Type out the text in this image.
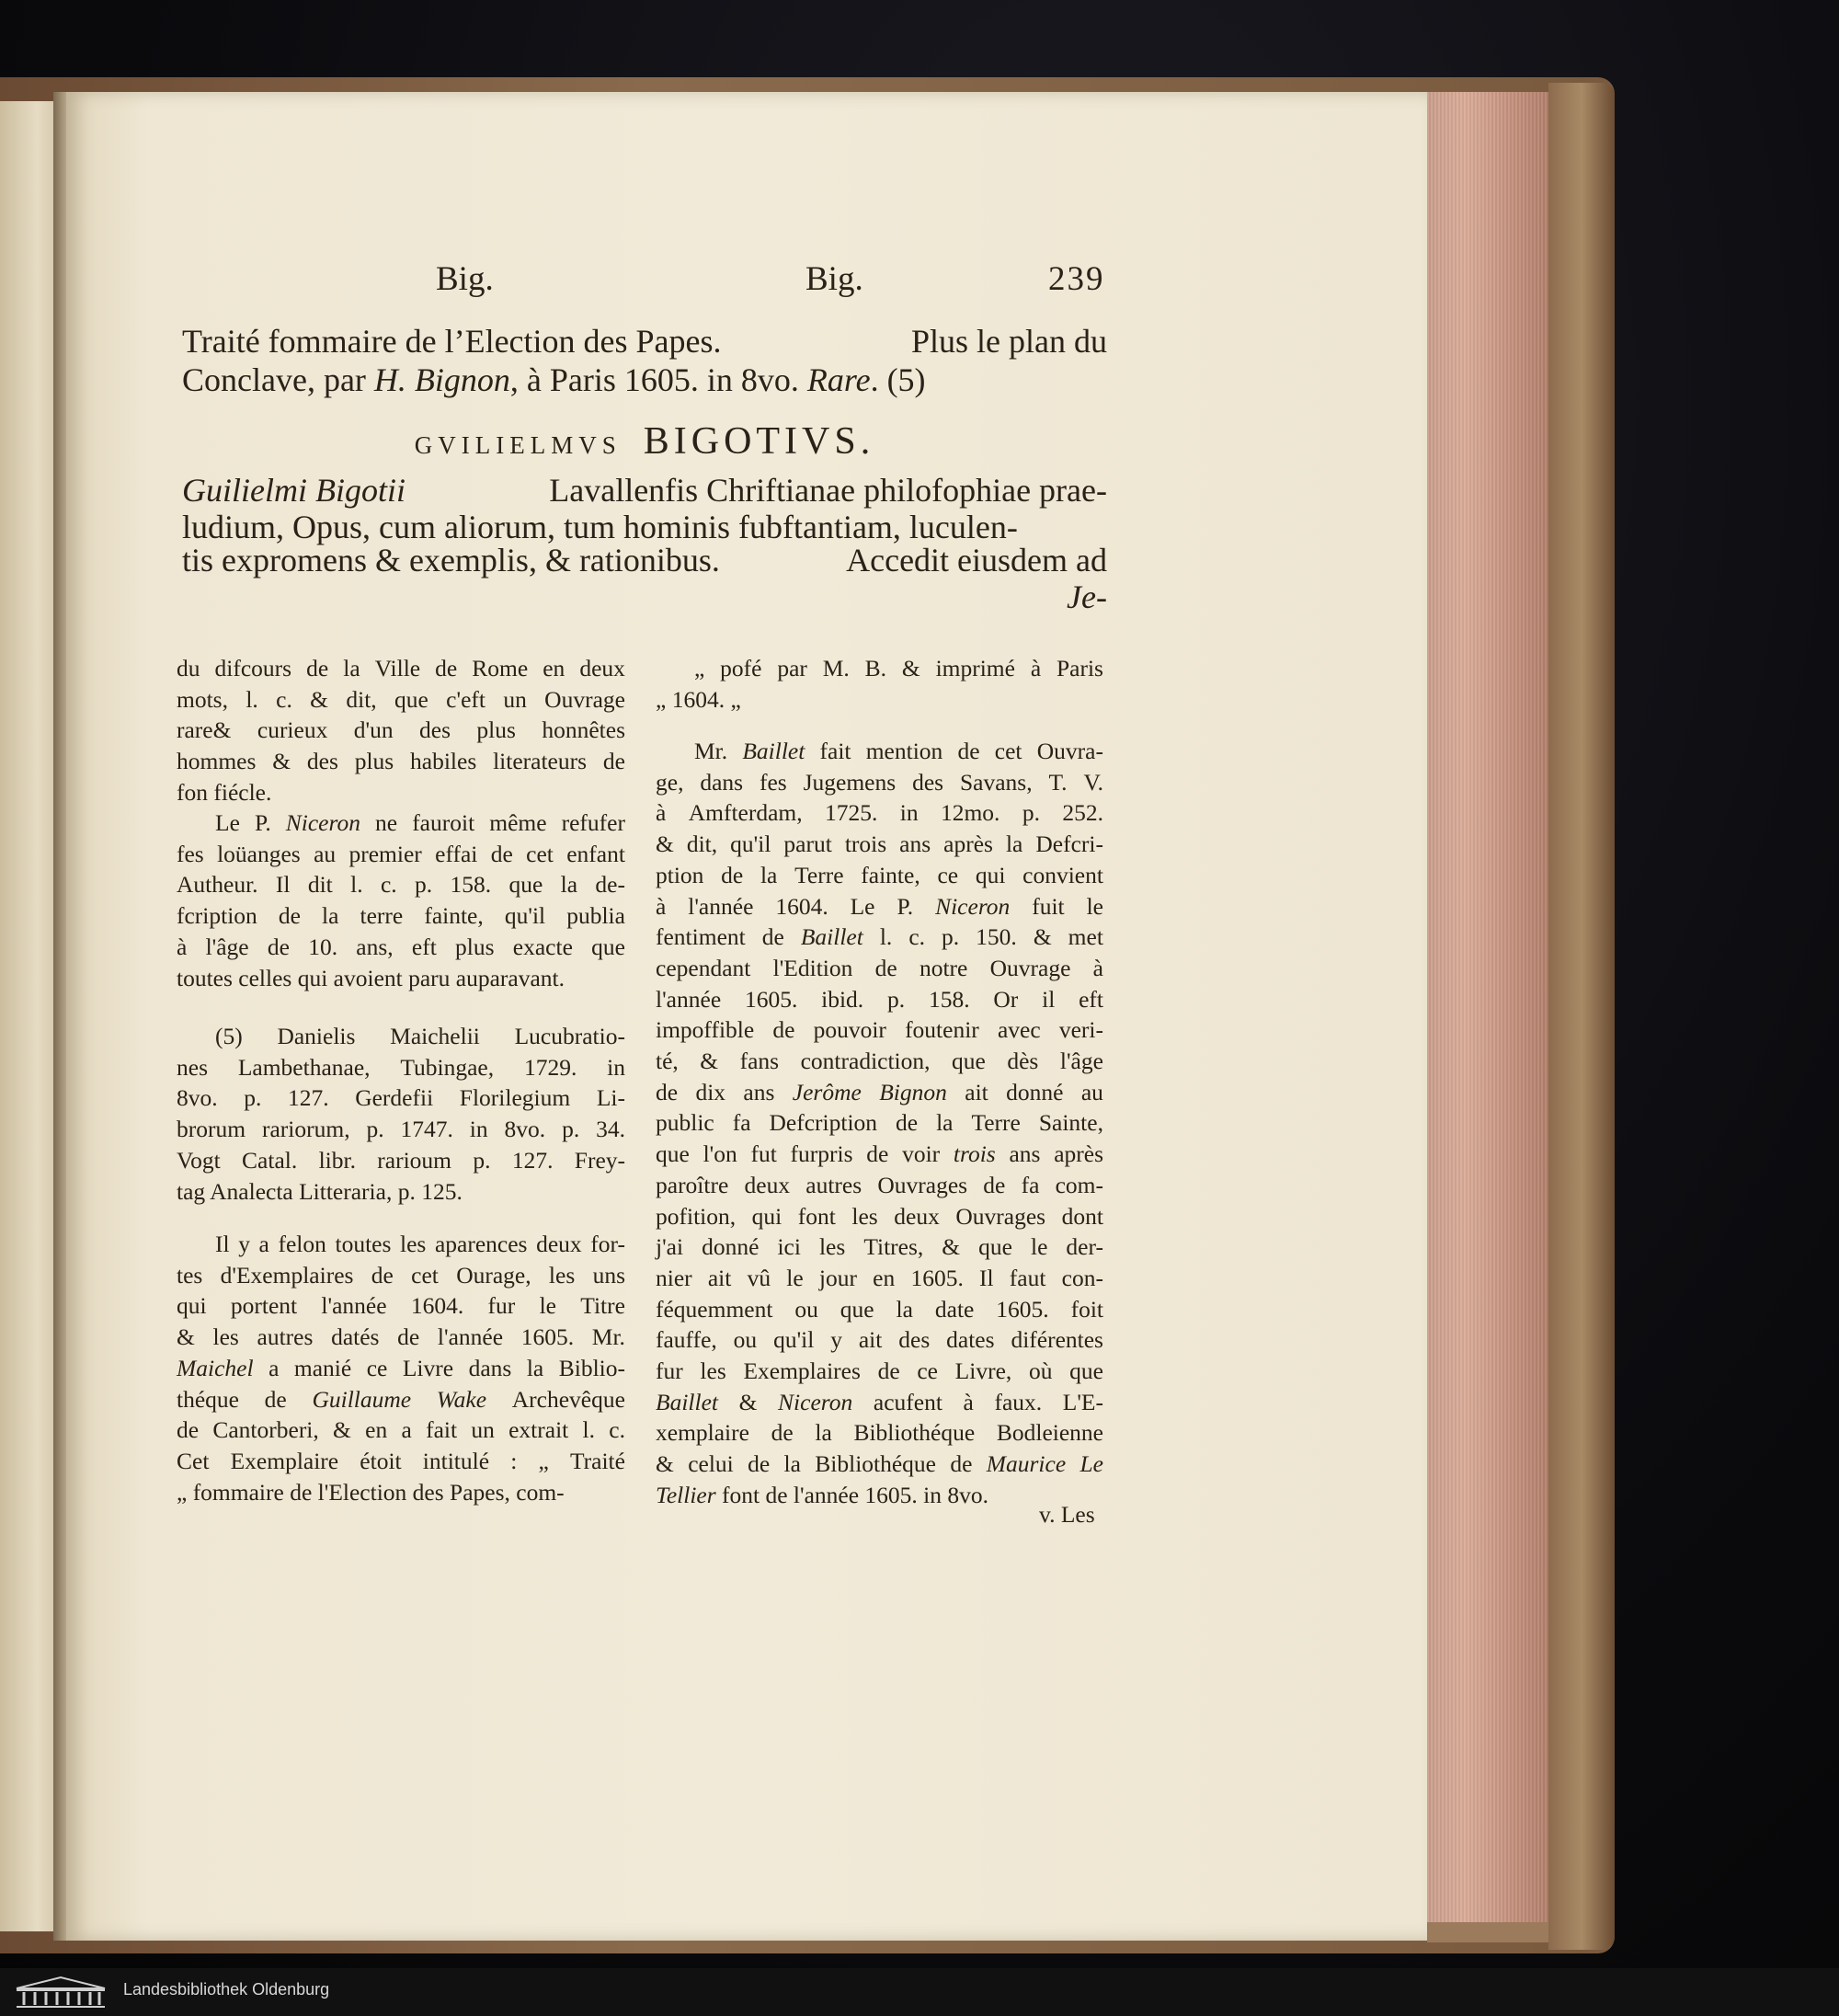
Big.	Big.	239
Traité fommaire de l’Election des Papes.	Plus le plan du
Conclave, par H. Bignon, à Paris 1605. in 8vo. Rare. (5)
GVILIELMVS BIGOTIVS.
Guilielmi Bigotii	Lavallenfis Chriftianae philofophiae prae-
ludium, Opus, cum aliorum, tum hominis fubftantiam, luculen-
tis expromens & exemplis, & rationibus.	Accedit eiusdem ad
Je-
du difcours de la Ville de Rome en deux
mots, l. c. & dit, que c'eft un Ouvrage
rare& curieux d'un des plus honnêtes
hommes & des plus habiles literateurs de
fon fiécle.
Le P. Niceron ne fauroit même refufer
fes loüanges au premier effai de cet enfant
Autheur. Il dit l. c. p. 158. que la de-
fcription de la terre fainte, qu'il publia
à l'âge de 10. ans, eft plus exacte que
toutes celles qui avoient paru auparavant.
(5) Danielis Maichelii Lucubratio-
nes Lambethanae, Tubingae, 1729. in
8vo. p. 127. Gerdefii Florilegium Li-
brorum rariorum, p. 1747. in 8vo. p. 34.
Vogt Catal. libr. rarioum p. 127. Frey-
tag Analecta Litteraria, p. 125.
Il y a felon toutes les aparences deux for-
tes d'Exemplaires de cet Ourage, les uns
qui portent l'année 1604. fur le Titre
& les autres datés de l'année 1605. Mr.
Maichel a manié ce Livre dans la Biblio-
théque de Guillaume Wake Archevêque
de Cantorberi, & en a fait un extrait l. c.
Cet Exemplaire étoit intitulé : „ Traité
„ fommaire de l'Election des Papes, com-
„ pofé par M. B. & imprimé à Paris
„ 1604. „
Mr. Baillet fait mention de cet Ouvra-
ge, dans fes Jugemens des Savans, T. V.
à Amfterdam, 1725. in 12mo. p. 252.
& dit, qu'il parut trois ans après la Defcri-
ption de la Terre fainte, ce qui convient
à l'année 1604. Le P. Niceron fuit le
fentiment de Baillet l. c. p. 150. & met
cependant l'Edition de notre Ouvrage à
l'année 1605. ibid. p. 158. Or il eft
impoffible de pouvoir foutenir avec veri-
té, & fans contradiction, que dès l'âge
de dix ans Jerôme Bignon ait donné au
public fa Defcription de la Terre Sainte,
que l'on fut furpris de voir trois ans après
paroître deux autres Ouvrages de fa com-
pofition, qui font les deux Ouvrages dont
j'ai donné ici les Titres, & que le der-
nier ait vû le jour en 1605. Il faut con-
féquemment ou que la date 1605. foit
fauffe, ou qu'il y ait des dates diférentes
fur les Exemplaires de ce Livre, où que
Baillet & Niceron acufent à faux. L'E-
xemplaire de la Bibliothéque Bodleienne
& celui de la Bibliothéque de Maurice Le
Tellier font de l'année 1605. in 8vo.
v. Les
Landesbibliothek Oldenburg
